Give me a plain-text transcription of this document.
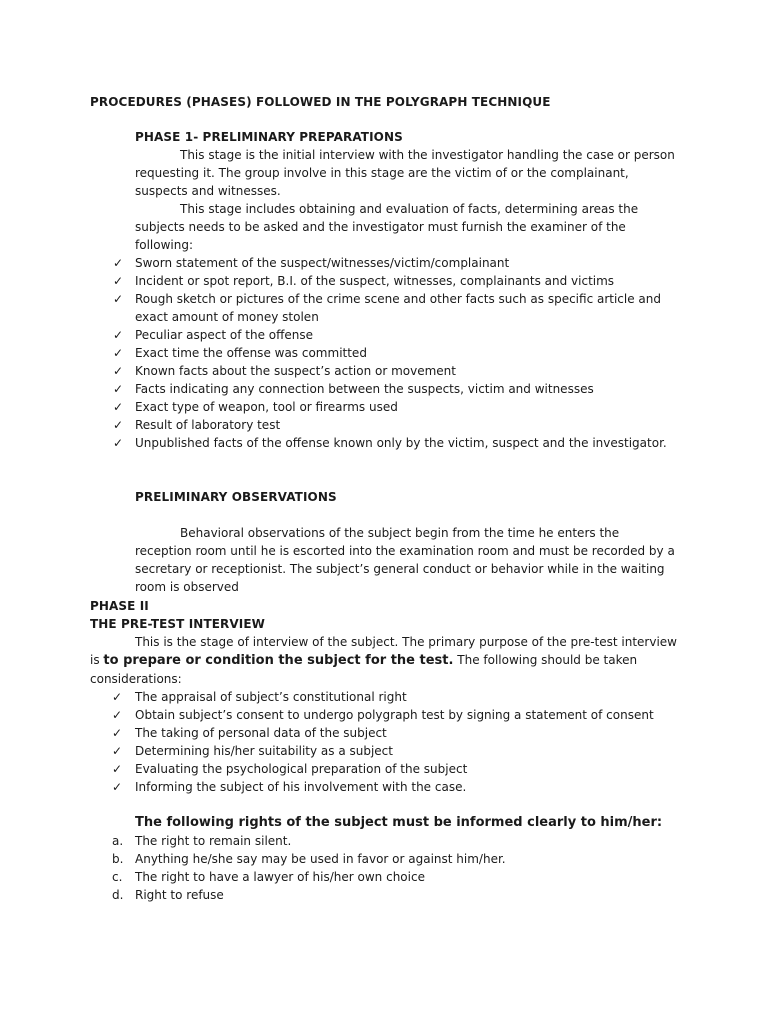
PROCEDURES (PHASES) FOLLOWED IN THE POLYGRAPH TECHNIQUE
PHASE 1- PRELIMINARY PREPARATIONS

This stage is the initial interview with the investigator handling the case or person requesting it. The group involve in this stage are the victim of or the complainant, suspects and witnesses.

This stage includes obtaining and evaluation of facts, determining areas the subjects needs to be asked and the investigator must furnish the examiner of the following:

✓ Sworn statement of the suspect/witnesses/victim/complainant
✓ Incident or spot report, B.I. of the suspect, witnesses, complainants and victims
✓ Rough sketch or pictures of the crime scene and other facts such as specific article and exact amount of money stolen
✓ Peculiar aspect of the offense
✓ Exact time the offense was committed
✓ Known facts about the suspect’s action or movement
✓ Facts indicating any connection between the suspects, victim and witnesses
✓ Exact type of weapon, tool or firearms used
✓ Result of laboratory test
✓ Unpublished facts of the offense known only by the victim, suspect and the investigator.
PRELIMINARY OBSERVATIONS

Behavioral observations of the subject begin from the time he enters the reception room until he is escorted into the examination room and must be recorded by a secretary or receptionist. The subject’s general conduct or behavior while in the waiting room is observed

PHASE II
THE PRE-TEST INTERVIEW

This is the stage of interview of the subject. The primary purpose of the pre-test interview is to prepare or condition the subject for the test. The following should be taken considerations:

✓ The appraisal of subject’s constitutional right
✓ Obtain subject’s consent to undergo polygraph test by signing a statement of consent
✓ The taking of personal data of the subject
✓ Determining his/her suitability as a subject
✓ Evaluating the psychological preparation of the subject
✓ Informing the subject of his involvement with the case.
The following rights of the subject must be informed clearly to him/her:
a. The right to remain silent.
b. Anything he/she say may be used in favor or against him/her.
c. The right to have a lawyer of his/her own choice
d. Right to refuse
